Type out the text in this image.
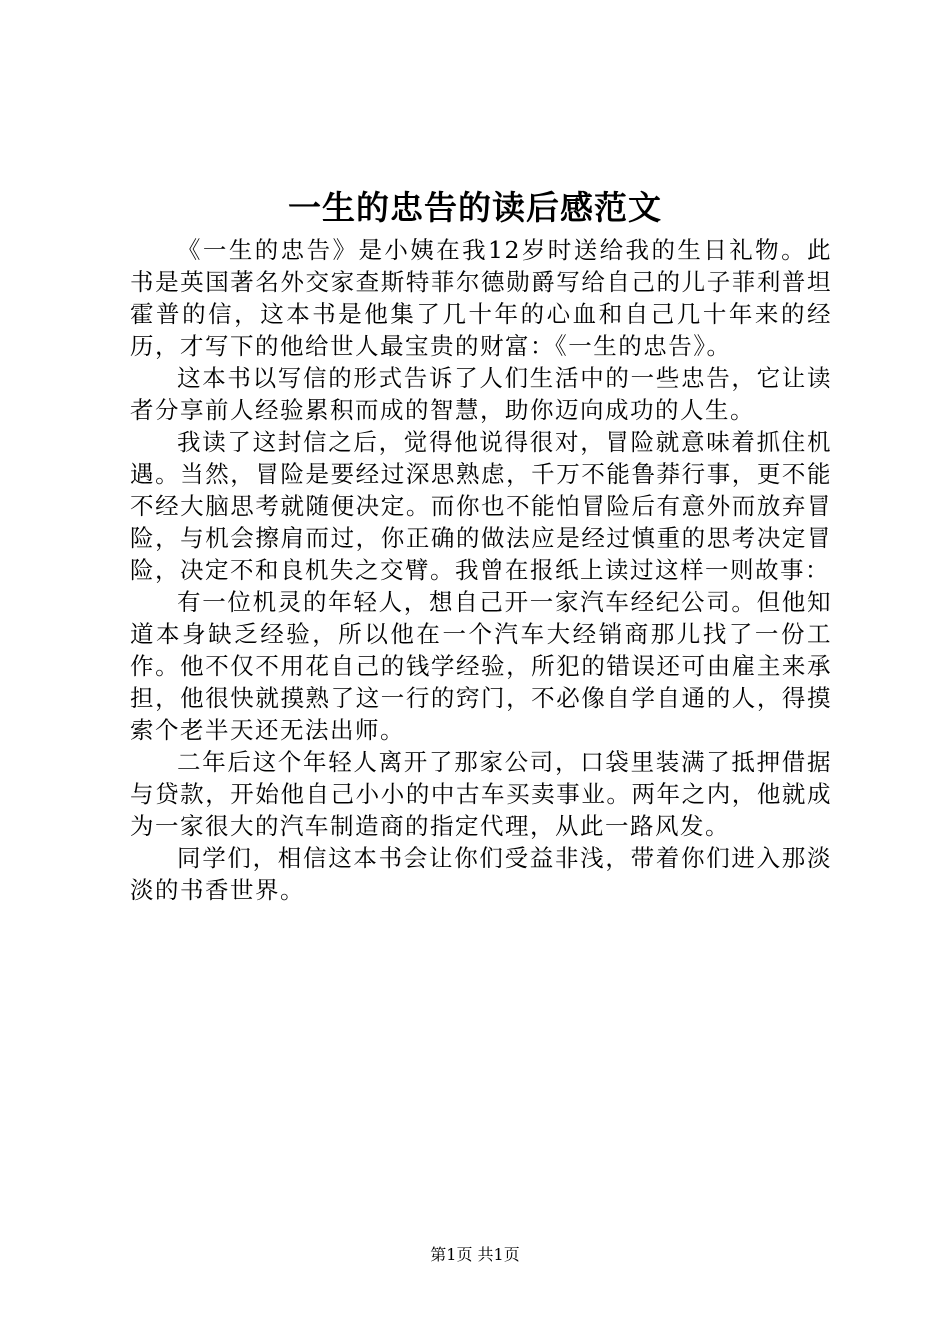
一生的忠告的读后感范文

《一生的忠告》是小姨在我12岁时送给我的生日礼物。此书是英国著名外交家查斯特菲尔德勋爵写给自己的儿子菲利普坦霍普的信，这本书是他集了几十年的心血和自己几十年来的经历，才写下的他给世人最宝贵的财富：《一生的忠告》。

这本书以写信的形式告诉了人们生活中的一些忠告，它让读者分享前人经验累积而成的智慧，助你迈向成功的人生。

我读了这封信之后，觉得他说得很对，冒险就意味着抓住机遇。当然，冒险是要经过深思熟虑，千万不能鲁莽行事，更不能不经大脑思考就随便决定。而你也不能怕冒险后有意外而放弃冒险，与机会擦肩而过，你正确的做法应是经过慎重的思考决定冒险，决定不和良机失之交臂。我曾在报纸上读过这样一则故事：

有一位机灵的年轻人，想自己开一家汽车经纪公司。但他知道本身缺乏经验，所以他在一个汽车大经销商那儿找了一份工作。他不仅不用花自己的钱学经验，所犯的错误还可由雇主来承担，他很快就摸熟了这一行的窍门，不必像自学自通的人，得摸索个老半天还无法出师。

二年后这个年轻人离开了那家公司，口袋里装满了抵押借据与贷款，开始他自己小小的中古车买卖事业。两年之内，他就成为一家很大的汽车制造商的指定代理，从此一路风发。

同学们，相信这本书会让你们受益非浅，带着你们进入那淡淡的书香世界。

第1页 共1页
